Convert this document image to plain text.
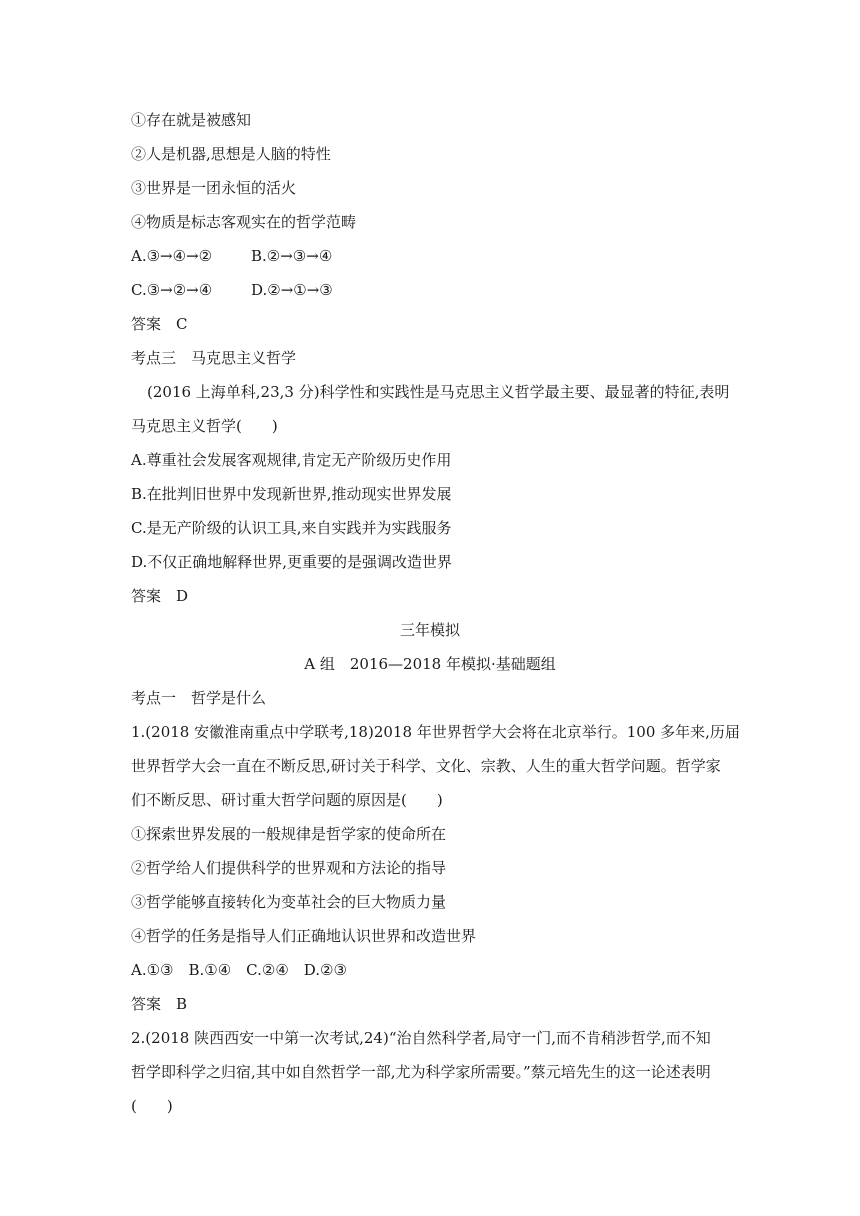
①存在就是被感知
②人是机器,思想是人脑的特性
③世界是一团永恒的活火
④物质是标志客观实在的哲学范畴
A.③→④→②	B.②→③→④
C.③→②→④	D.②→①→③
答案　C
考点三　马克思主义哲学
(2016 上海单科,23,3 分)科学性和实践性是马克思主义哲学最主要、最显著的特征,表明
马克思主义哲学(　　)
A.尊重社会发展客观规律,肯定无产阶级历史作用
B.在批判旧世界中发现新世界,推动现实世界发展
C.是无产阶级的认识工具,来自实践并为实践服务
D.不仅正确地解释世界,更重要的是强调改造世界
答案　D
三年模拟
A 组　2016—2018 年模拟·基础题组
考点一　哲学是什么
1.(2018 安徽淮南重点中学联考,18)2018 年世界哲学大会将在北京举行。100 多年来,历届
世界哲学大会一直在不断反思,研讨关于科学、文化、宗教、人生的重大哲学问题。哲学家
们不断反思、研讨重大哲学问题的原因是(　　)
①探索世界发展的一般规律是哲学家的使命所在
②哲学给人们提供科学的世界观和方法论的指导
③哲学能够直接转化为变革社会的巨大物质力量
④哲学的任务是指导人们正确地认识世界和改造世界
A.①③　B.①④　C.②④　D.②③
答案　B
2.(2018 陕西西安一中第一次考试,24)“治自然科学者,局守一门,而不肯稍涉哲学,而不知
哲学即科学之归宿,其中如自然哲学一部,尤为科学家所需要。”蔡元培先生的这一论述表明
(　　)
